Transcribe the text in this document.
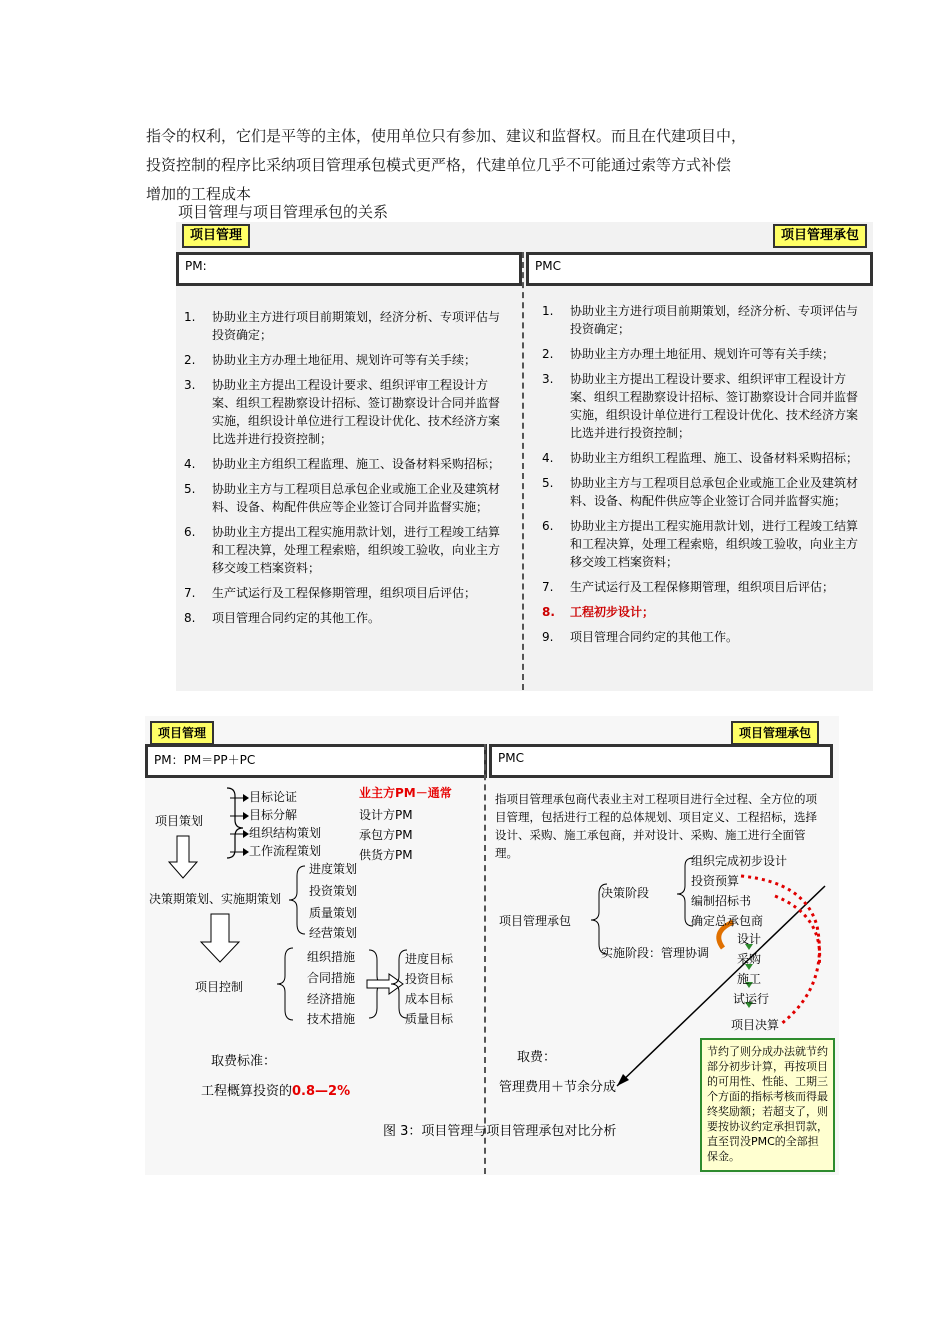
指令的权利，它们是平等的主体，使用单位只有参加、建议和监督权。而且在代建项目中，
投资控制的程序比采纳项目管理承包模式更严格，代建单位几乎不可能通过索等方式补偿
增加的工程成本
项目管理与项目管理承包的关系
项目管理	项目管理承包
PM:	PMC
1. 协助业主方进行项目前期策划，经济分析、专项评估与投资确定；
2. 协助业主方办理土地征用、规划许可等有关手续；
3. 协助业主方提出工程设计要求、组织评审工程设计方案、组织工程勘察设计招标、签订勘察设计合同并监督实施，组织设计单位进行工程设计优化、技术经济方案比选并进行投资控制；
4. 协助业主方组织工程监理、施工、设备材料采购招标；
5. 协助业主方与工程项目总承包企业或施工企业及建筑材料、设备、构配件供应等企业签订合同并监督实施；
6. 协助业主方提出工程实施用款计划，进行工程竣工结算和工程决算，处理工程索赔，组织竣工验收，向业主方移交竣工档案资料；
7. 生产试运行及工程保修期管理，组织项目后评估；
8. 项目管理合同约定的其他工作。
1. 协助业主方进行项目前期策划，经济分析、专项评估与投资确定；
2. 协助业主方办理土地征用、规划许可等有关手续；
3. 协助业主方提出工程设计要求、组织评审工程设计方案、组织工程勘察设计招标、签订勘察设计合同并监督实施，组织设计单位进行工程设计优化、技术经济方案比选并进行投资控制；
4. 协助业主方组织工程监理、施工、设备材料采购招标；
5. 协助业主方与工程项目总承包企业或施工企业及建筑材料、设备、构配件供应等企业签订合同并监督实施；
6. 协助业主方提出工程实施用款计划，进行工程竣工结算和工程决算，处理工程索赔，组织竣工验收，向业主方移交竣工档案资料；
7. 生产试运行及工程保修期管理，组织项目后评估；
8. 工程初步设计；
9. 项目管理合同约定的其他工作。
项目管理	项目管理承包
PM：PM＝PP＋PC	PMC
项目策划
目标论证
目标分解
组织结构策划
工作流程策划
业主方PM－通常
设计方PM
承包方PM
供货方PM
决策期策划、实施期策划
进度策划
投资策划
质量策划
经营策划
项目控制
组织措施
合同措施
经济措施
技术措施
进度目标
投资目标
成本目标
质量目标
取费标准：
工程概算投资的0.8—2%
指项目管理承包商代表业主对工程项目进行全过程、全方位的项目管理，包括进行工程的总体规划、项目定义、工程招标，选择设计、采购、施工承包商，并对设计、采购、施工进行全面管理。
项目管理承包
决策阶段
实施阶段：管理协调
组织完成初步设计
投资预算
编制招标书
确定总承包商
设计
采购
施工
试运行
项目决算
取费：
管理费用＋节余分成
图 3：项目管理与项目管理承包对比分析
节约了则分成办法就节约部分初步计算，再按项目的可用性、性能、工期三个方面的指标考核而得最终奖励额；若超支了，则要按协议约定承担罚款，直至罚没PMC的全部担保金。
